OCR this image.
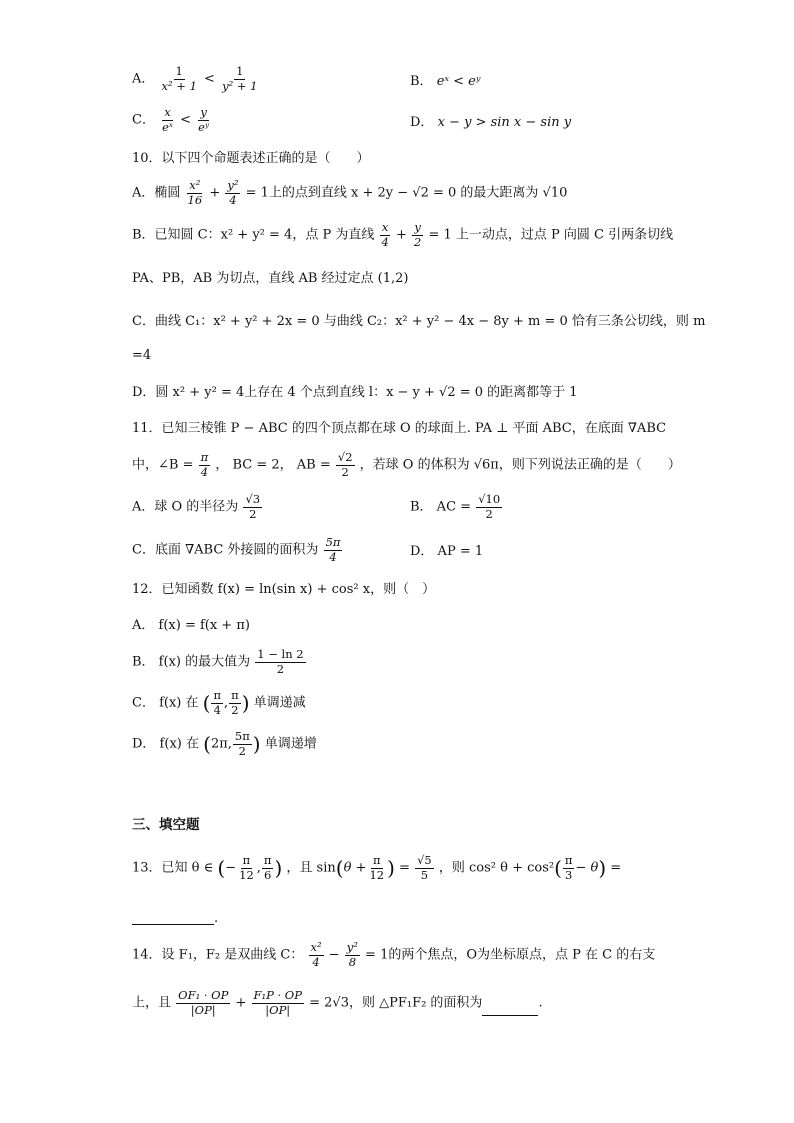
A． $\frac{1}{\text{x² + 1}} < \frac{1}{\text{y² + 1}}$	B． eˣ < eʸ
C． $\frac{x}{\text{eˣ}} < \frac{y}{\text{eʸ}}$	D． x − y > sin x − sin y
10．以下四个命题表述正确的是（　　）
A．椭圆 $\frac{\text{x²}}{16} + \frac{\text{y²}}{4} = 1$上的点到直线 x + 2y − √2 = 0 的最大距离为 √10
B．已知圆 C：x² + y² = 4，点 P 为直线 $\frac{x}{4} + \frac{y}{2} = 1$ 上一动点，过点 P 向圆 C 引两条切线
PA、PB，AB 为切点，直线 AB 经过定点 (1,2)
C．曲线 C₁：x² + y² + 2x = 0 与曲线 C₂：x² + y² − 4x − 8y + m = 0 恰有三条公切线，则 m
=4
D．圆 x² + y² = 4上存在 4 个点到直线 l：x − y + √2 = 0 的距离都等于 1
11．已知三棱锥 P − ABC 的四个顶点都在球 O 的球面上. PA ⊥ 平面 ABC，在底面 ∇ABC
中，∠B = $\frac{\pi}{4}$ ， BC = 2， AB = $\frac{√2}{2}$ ，若球 O 的体积为 √6π，则下列说法正确的是（　　）
A．球 O 的半径为 $\frac{√3}{2}$	B． AC = $\frac{√10}{2}$
C．底面 ∇ABC 外接圆的面积为 $\frac{5\pi}{4}$	D． AP = 1
12．已知函数 f(x) = ln(sin x) + cos² x，则（　）
A． f(x) = f(x + π)
B． f(x) 的最大值为 $\frac{1 - \ln 2}{2}$
C． f(x) 在 ( $\frac{\pi}{4}$ , $\frac{\pi}{2}$ ) 单调递减
D． f(x) 在 (2π, $\frac{5\pi}{2}$ ) 单调递增
三、填空题
13．已知 θ ∈ (− $\frac{\pi}{12}$ , $\frac{\pi}{6}$ ) ，且 $\sin(\theta + \frac{\pi}{12}$ ) = $\frac{√5}{5}$ ，则 cos² $\theta + \cos^2( \frac{\pi}{3} - \theta)$ =
.
14．设 F₁，F₂ 是双曲线 C： $\frac{\text{x²}}{4} - \frac{\text{y²}}{8} = 1$的两个焦点，O为坐标原点，点 P 在 C 的右支
上，且 $\frac{\text{OF₁ · OP}}{|OP|} + \frac{\text{F₁P · OP}}{|OP|} = 2√3$，则 △PF₁F₂ 的面积为	.
